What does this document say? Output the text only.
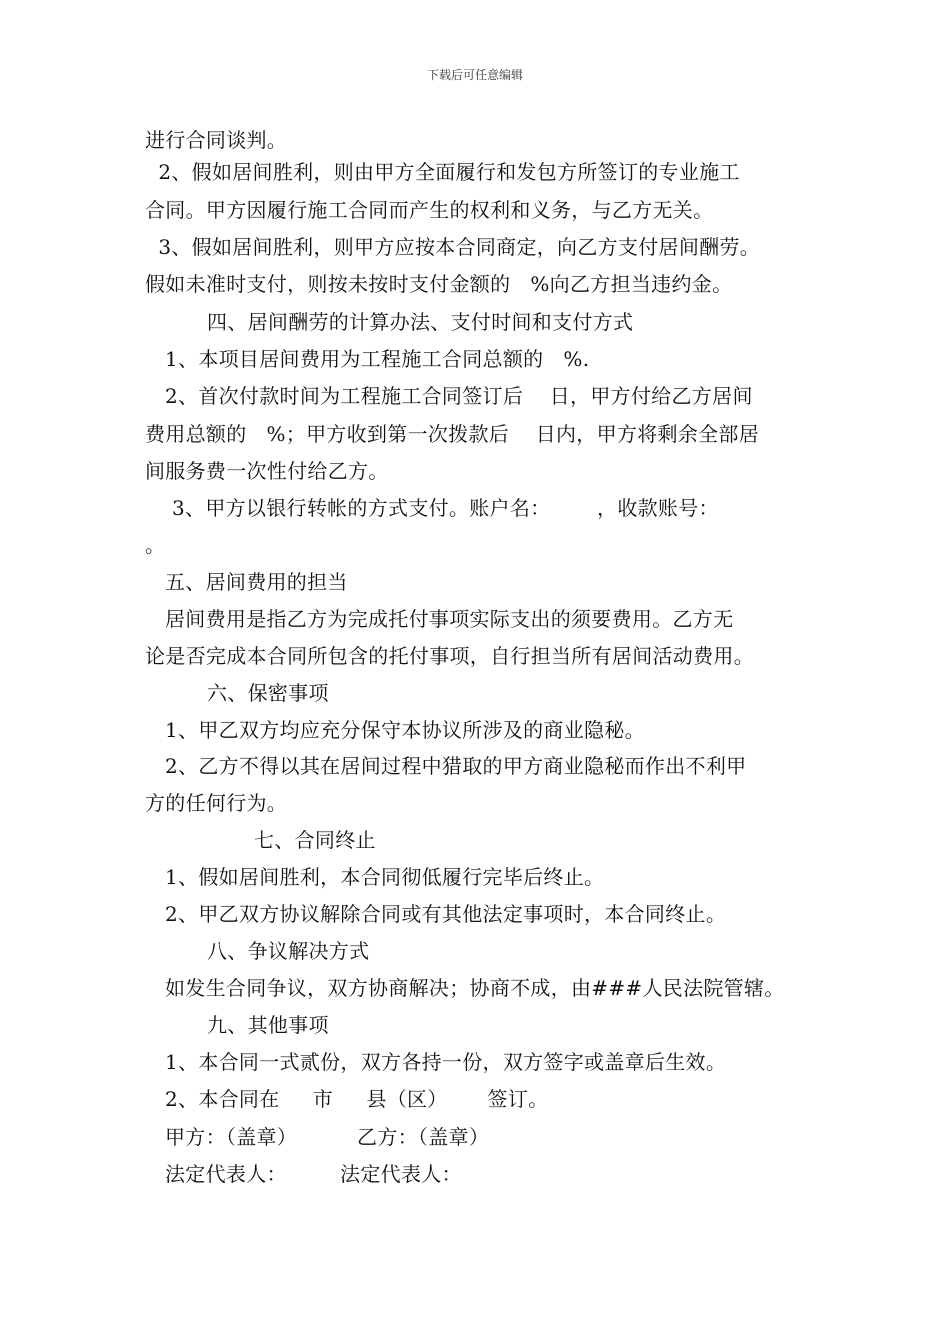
下载后可任意编辑
进行合同谈判。
2、假如居间胜利，则由甲方全面履行和发包方所签订的专业施工
合同。甲方因履行施工合同而产生的权利和义务，与乙方无关。
3、假如居间胜利，则甲方应按本合同商定，向乙方支付居间酬劳。
假如未准时支付，则按未按时支付金额的   %向乙方担当违约金。
四、居间酬劳的计算办法、支付时间和支付方式
1、本项目居间费用为工程施工合同总额的   %.
2、首次付款时间为工程施工合同签订后    日，甲方付给乙方居间
费用总额的   %；甲方收到第一次拨款后    日内，甲方将剩余全部居
间服务费一次性付给乙方。
3、甲方以银行转帐的方式支付。账户名：       ，收款账号：
。
五、居间费用的担当
居间费用是指乙方为完成托付事项实际支出的须要费用。乙方无
论是否完成本合同所包含的托付事项，自行担当所有居间活动费用。
六、保密事项
1、甲乙双方均应充分保守本协议所涉及的商业隐秘。
2、乙方不得以其在居间过程中猎取的甲方商业隐秘而作出不利甲
方的任何行为。
七、合同终止
1、假如居间胜利，本合同彻低履行完毕后终止。
2、甲乙双方协议解除合同或有其他法定事项时，本合同终止。
八、争议解决方式
如发生合同争议，双方协商解决；协商不成，由###人民法院管辖。
九、其他事项
1、本合同一式贰份，双方各持一份，双方签字或盖章后生效。
2、本合同在     市     县（区）      签订。
甲方：（盖章）         乙方：（盖章）
法定代表人：        法定代表人：
